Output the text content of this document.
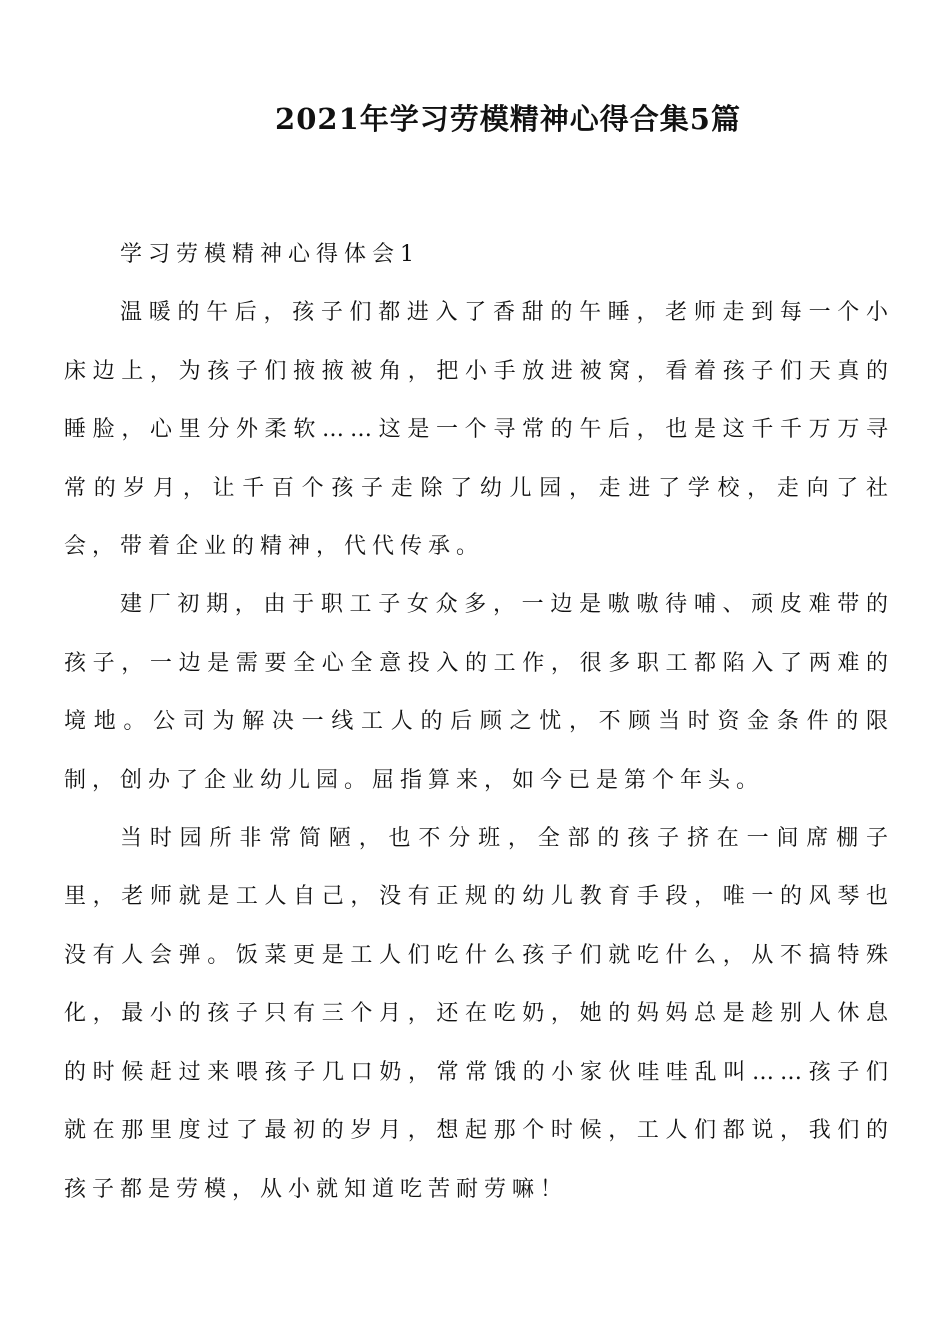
2021年学习劳模精神心得合集5篇

学习劳模精神心得体会1

温暖的午后，孩子们都进入了香甜的午睡，老师走到每一个小床边上，为孩子们掖掖被角，把小手放进被窝，看着孩子们天真的睡脸，心里分外柔软……这是一个寻常的午后，也是这千千万万寻常的岁月，让千百个孩子走除了幼儿园，走进了学校，走向了社会，带着企业的精神，代代传承。

建厂初期，由于职工子女众多，一边是嗷嗷待哺、顽皮难带的孩子，一边是需要全心全意投入的工作，很多职工都陷入了两难的境地。公司为解决一线工人的后顾之忧，不顾当时资金条件的限制，创办了企业幼儿园。屈指算来，如今已是第个年头。

当时园所非常简陋，也不分班，全部的孩子挤在一间席棚子里，老师就是工人自己，没有正规的幼儿教育手段，唯一的风琴也没有人会弹。饭菜更是工人们吃什么孩子们就吃什么，从不搞特殊化，最小的孩子只有三个月，还在吃奶，她的妈妈总是趁别人休息的时候赶过来喂孩子几口奶，常常饿的小家伙哇哇乱叫……孩子们就在那里度过了最初的岁月，想起那个时候，工人们都说，我们的孩子都是劳模，从小就知道吃苦耐劳嘛！
